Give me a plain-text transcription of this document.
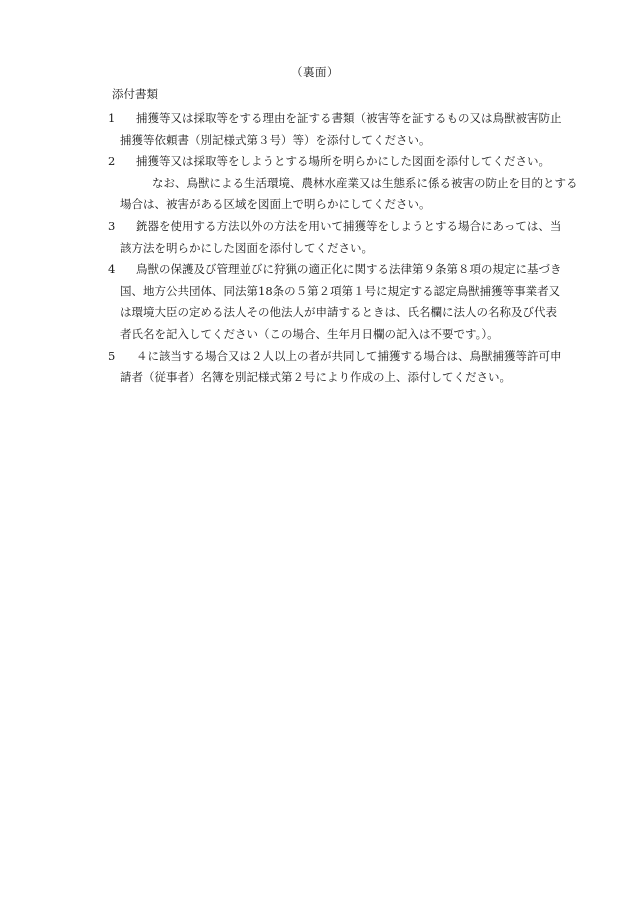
（裏面）
添付書類
1	捕獲等又は採取等をする理由を証する書類（被害等を証するもの又は鳥獣被害防止
捕獲等依頼書（別記様式第３号）等）を添付してください。
2	捕獲等又は採取等をしようとする場所を明らかにした図面を添付してください。
なお、鳥獣による生活環境、農林水産業又は生態系に係る被害の防止を目的とする
場合は、被害がある区域を図面上で明らかにしてください。
3	銃器を使用する方法以外の方法を用いて捕獲等をしようとする場合にあっては、当
該方法を明らかにした図面を添付してください。
4	鳥獣の保護及び管理並びに狩猟の適正化に関する法律第９条第８項の規定に基づき
国、地方公共団体、同法第18条の５第２項第１号に規定する認定鳥獣捕獲等事業者又
は環境大臣の定める法人その他法人が申請するときは、氏名欄に法人の名称及び代表
者氏名を記入してください（この場合、生年月日欄の記入は不要です。）。
5	４に該当する場合又は２人以上の者が共同して捕獲する場合は、鳥獣捕獲等許可申
請者（従事者）名簿を別記様式第２号により作成の上、添付してください。
